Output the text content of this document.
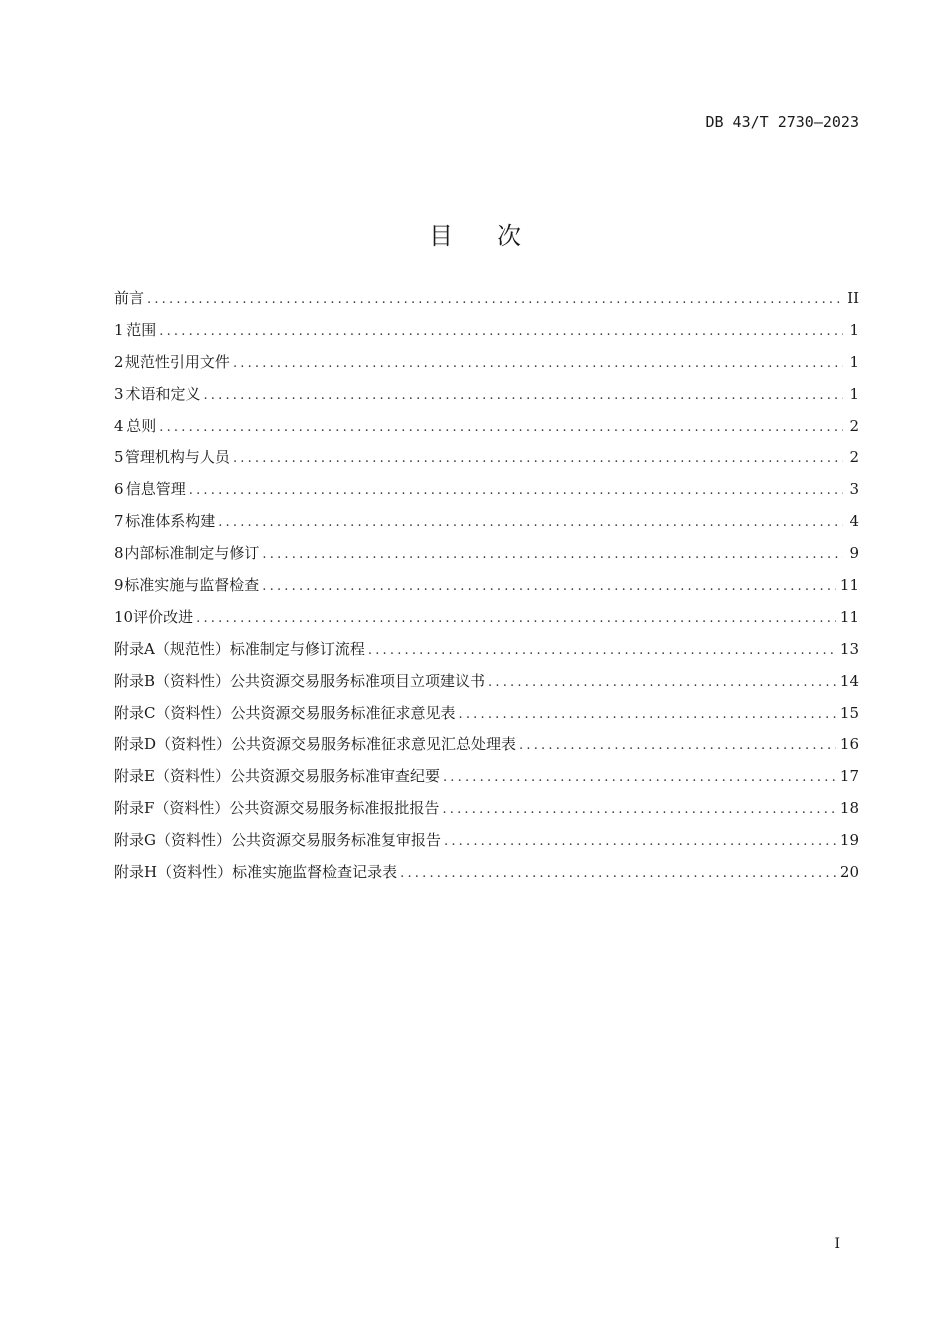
DB 43/T 2730—2023
目 次
前言 .....	II
1 范围 .....	1
2 规范性引用文件 .....	1
3 术语和定义 .....	1
4 总则 .....	2
5 管理机构与人员 .....	2
6 信息管理 .....	3
7 标准体系构建 .....	4
8 内部标准制定与修订 .....	9
9 标准实施与监督检查 .....	11
10 评价改进 .....	11
附录A（规范性） 标准制定与修订流程 .....	13
附录B（资料性） 公共资源交易服务标准项目立项建议书 .....	14
附录C（资料性） 公共资源交易服务标准征求意见表 .....	15
附录D（资料性） 公共资源交易服务标准征求意见汇总处理表 .....	16
附录E（资料性） 公共资源交易服务标准审查纪要 .....	17
附录F（资料性） 公共资源交易服务标准报批报告 .....	18
附录G（资料性） 公共资源交易服务标准复审报告 .....	19
附录H（资料性） 标准实施监督检查记录表 .....	20
I
